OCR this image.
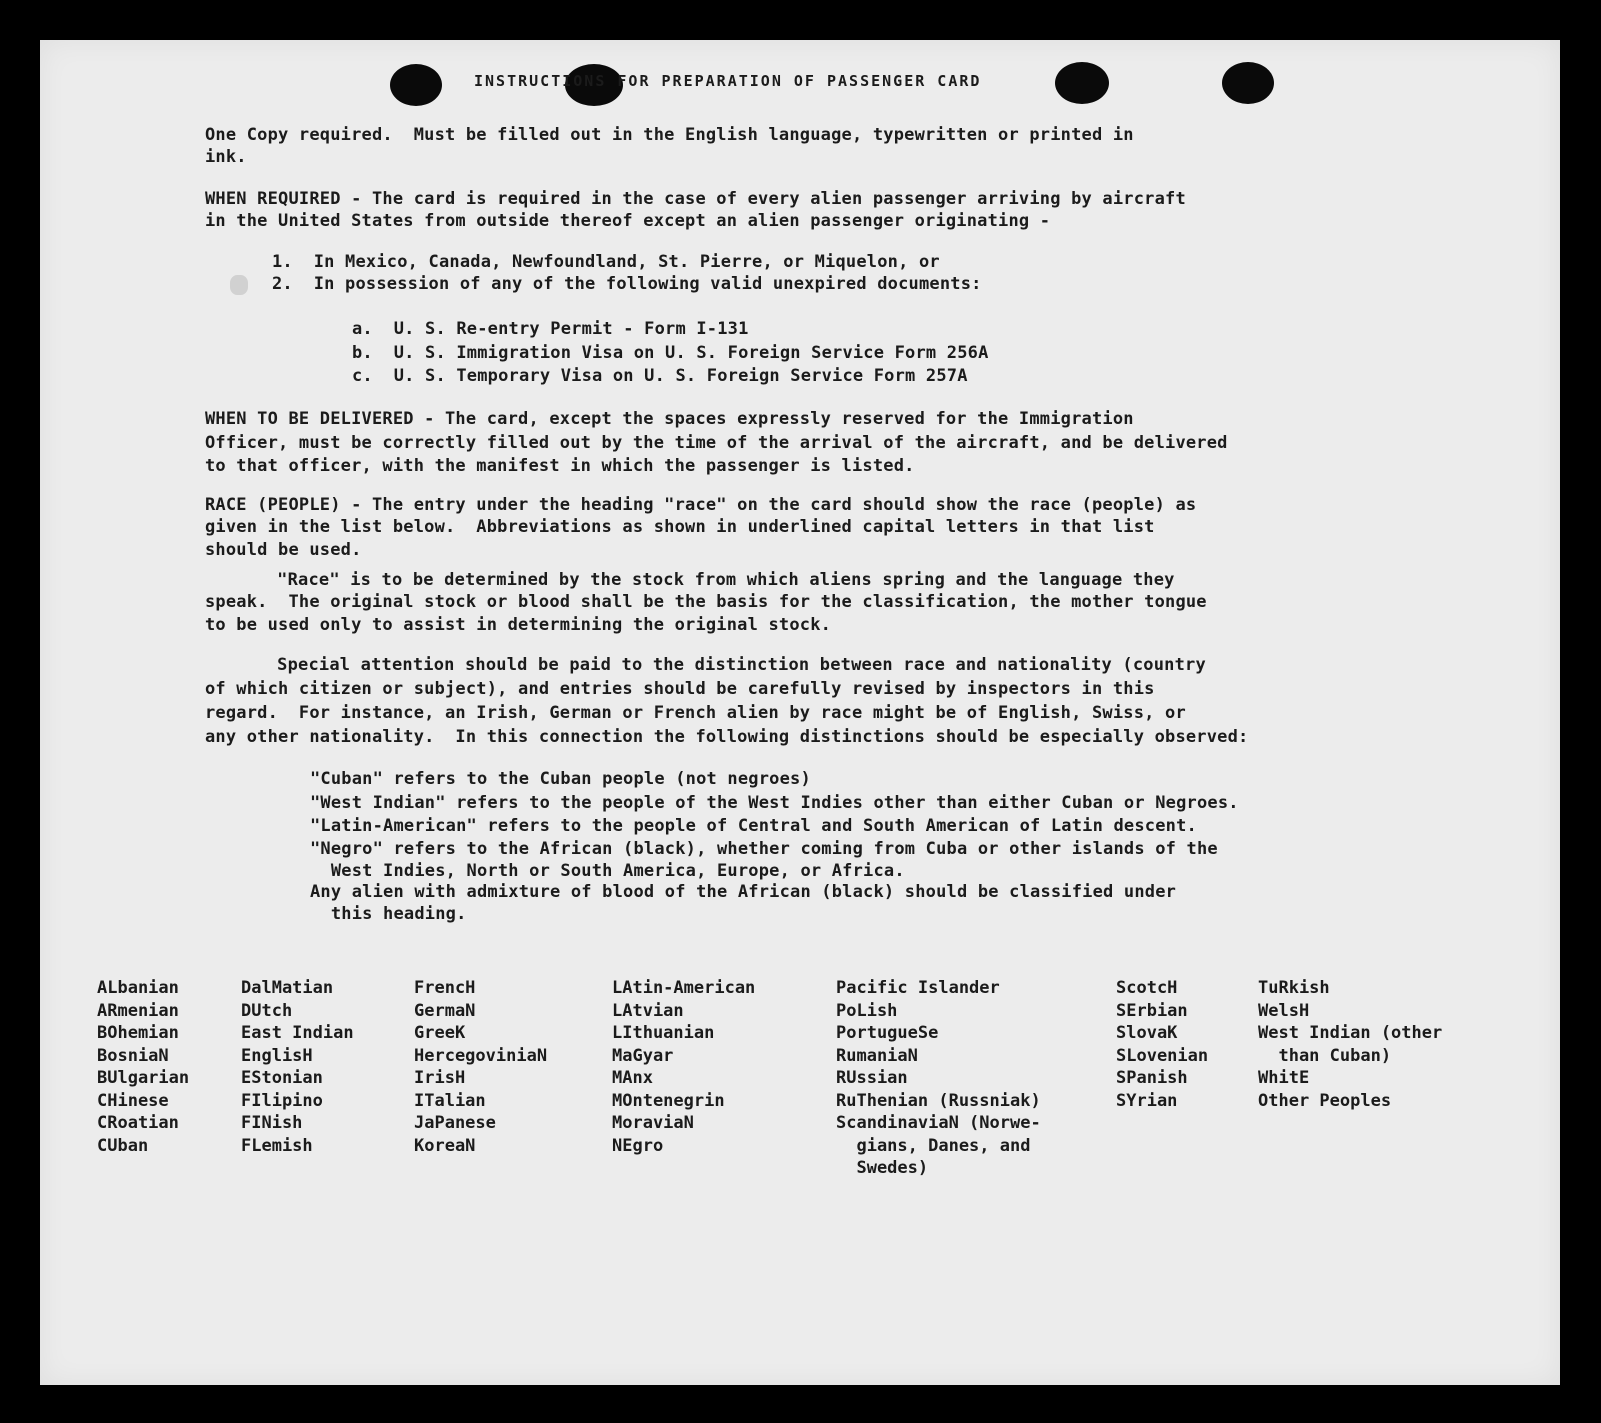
INSTRUCTIONS FOR PREPARATION OF PASSENGER CARD
One Copy required.  Must be filled out in the English language, typewritten or printed in
ink.
WHEN REQUIRED - The card is required in the case of every alien passenger arriving by aircraft
in the United States from outside thereof except an alien passenger originating -
1.  In Mexico, Canada, Newfoundland, St. Pierre, or Miquelon, or
2.  In possession of any of the following valid unexpired documents:
a.  U. S. Re-entry Permit - Form I-131
b.  U. S. Immigration Visa on U. S. Foreign Service Form 256A
c.  U. S. Temporary Visa on U. S. Foreign Service Form 257A
WHEN TO BE DELIVERED - The card, except the spaces expressly reserved for the Immigration
Officer, must be correctly filled out by the time of the arrival of the aircraft, and be delivered
to that officer, with the manifest in which the passenger is listed.
RACE (PEOPLE) - The entry under the heading "race" on the card should show the race (people) as
given in the list below.  Abbreviations as shown in underlined capital letters in that list
should be used.
"Race" is to be determined by the stock from which aliens spring and the language they
speak.  The original stock or blood shall be the basis for the classification, the mother tongue
to be used only to assist in determining the original stock.
Special attention should be paid to the distinction between race and nationality (country
of which citizen or subject), and entries should be carefully revised by inspectors in this
regard.  For instance, an Irish, German or French alien by race might be of English, Swiss, or
any other nationality.  In this connection the following distinctions should be especially observed:
"Cuban" refers to the Cuban people (not negroes)
"West Indian" refers to the people of the West Indies other than either Cuban or Negroes.
"Latin-American" refers to the people of Central and South American of Latin descent.
"Negro" refers to the African (black), whether coming from Cuba or other islands of the
West Indies, North or South America, Europe, or Africa.
Any alien with admixture of blood of the African (black) should be classified under
this heading.
ALbanian
ARmenian
BOhemian
BosniaN
BUlgarian
CHinese
CRoatian
CUban
DalMatian
DUtch
East Indian
EnglisH
EStonian
FIlipino
FINish
FLemish
FrencH
GermaN
GreeK
HercegoviniaN
IrisH
ITalian
JaPanese
KoreaN
LAtin-American
LAtvian
LIthuanian
MaGyar
MAnx
MOntenegrin
MoraviaN
NEgro
Pacific Islander
PoLish
PortugueSe
RumaniaN
RUssian
RuThenian (Russniak)
ScandinaviaN (Norwe-
gians, Danes, and
Swedes)
ScotcH
SErbian
SlovaK
SLovenian
SPanish
SYrian
TuRkish
WelsH
West Indian (other
than Cuban)
WhitE
Other Peoples
